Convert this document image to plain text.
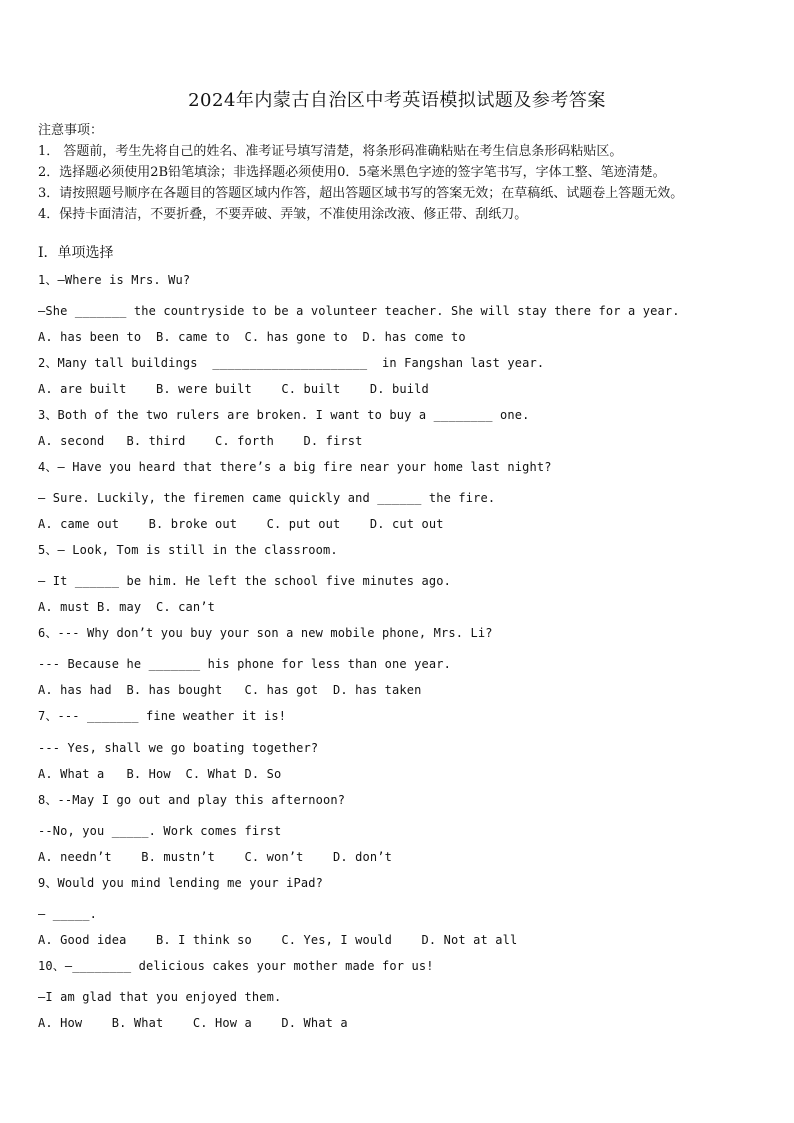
2024年内蒙古自治区中考英语模拟试题及参考答案
注意事项：
1． 答题前，考生先将自己的姓名、准考证号填写清楚，将条形码准确粘贴在考生信息条形码粘贴区。
2．选择题必须使用2B铅笔填涂；非选择题必须使用0．5毫米黑色字迹的签字笔书写，字体工整、笔迹清楚。
3．请按照题号顺序在各题目的答题区域内作答，超出答题区域书写的答案无效；在草稿纸、试题卷上答题无效。
4．保持卡面清洁，不要折叠，不要弄破、弄皱，不准使用涂改液、修正带、刮纸刀。
Ⅰ．单项选择
1、—Where is Mrs. Wu?
—She _______ the countryside to be a volunteer teacher. She will stay there for a year.
A. has been to  B. came to  C. has gone to  D. has come to
2、Many tall buildings  _____________________  in Fangshan last year.
A. are built    B. were built    C. built    D. build
3、Both of the two rulers are broken. I want to buy a ________ one.
A. second   B. third    C. forth    D. first
4、— Have you heard that there’s a big fire near your home last night?
— Sure. Luckily, the firemen came quickly and ______ the fire.
A. came out    B. broke out    C. put out    D. cut out
5、— Look, Tom is still in the classroom.
— It ______ be him. He left the school five minutes ago.
A. must B. may  C. can’t
6、--- Why don’t you buy your son a new mobile phone, Mrs. Li?
--- Because he _______ his phone for less than one year.
A. has had  B. has bought   C. has got  D. has taken
7、--- _______ fine weather it is!
--- Yes, shall we go boating together?
A. What a   B. How  C. What D. So
8、--May I go out and play this afternoon?
--No, you _____. Work comes first
A. needn’t    B. mustn’t    C. won’t    D. don’t
9、Would you mind lending me your iPad?
— _____.
A. Good idea    B. I think so    C. Yes, I would    D. Not at all
10、—________ delicious cakes your mother made for us!
—I am glad that you enjoyed them.
A. How    B. What    C. How a    D. What a
